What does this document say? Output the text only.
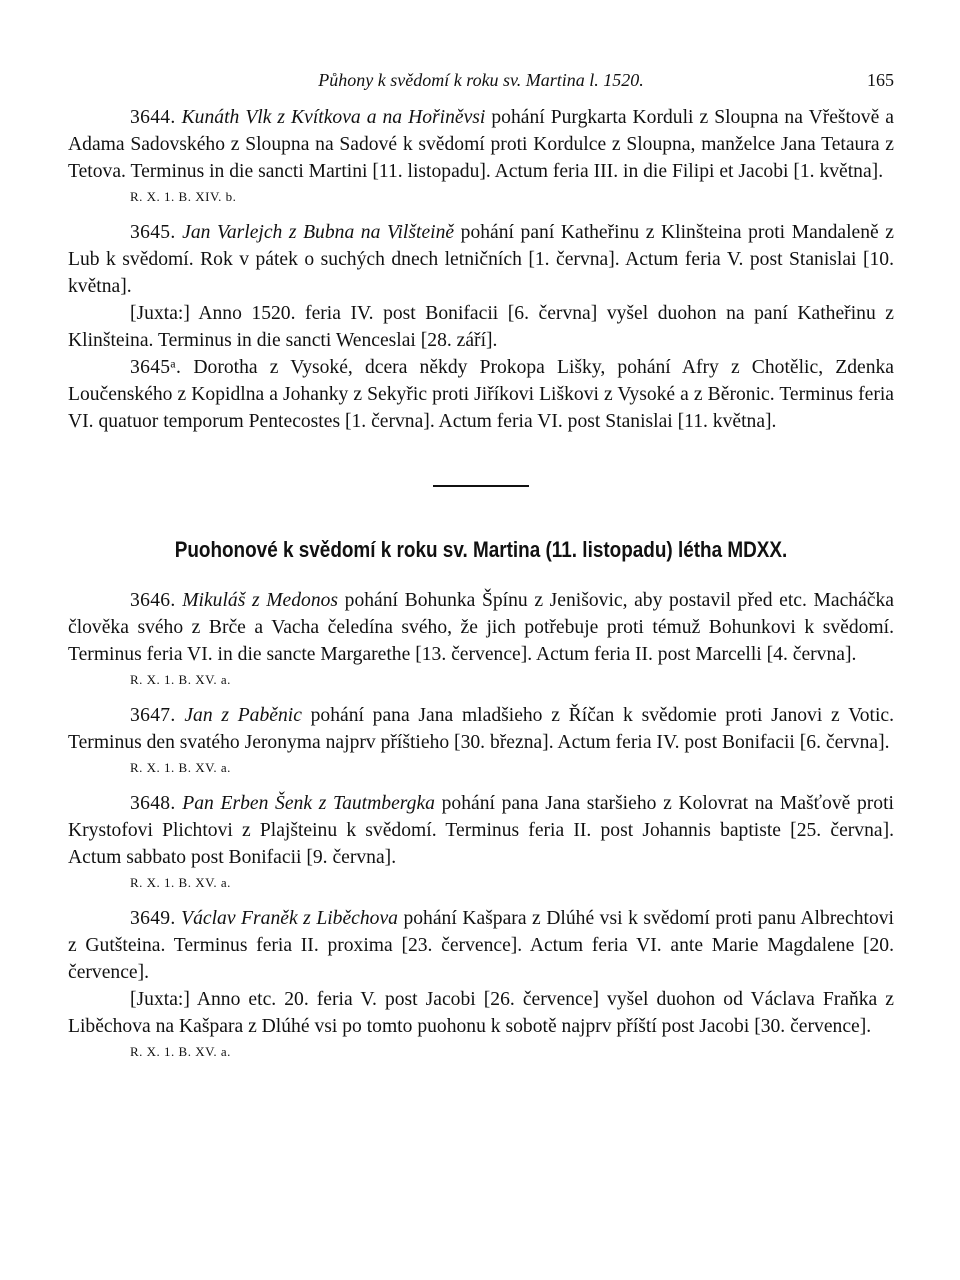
Půhony k svědomí k roku sv. Martina l. 1520.	165

3644. Kunáth Vlk z Kvítkova a na Hořiněvsi pohání Purgkarta Korduli z Sloupna na Vřeštově a Adama Sadovského z Sloupna na Sadové k svědomí proti Kordulce z Sloupna, manželce Jana Tetaura z Tetova. Terminus in die sancti Martini [11. listopadu]. Actum feria III. in die Filipi et Jacobi [1. května].

R. X. 1. B. XIV. b.

3645. Jan Varlejch z Bubna na Vilšteině pohání paní Katheřinu z Klinšteina proti Mandaleně z Lub k svědomí. Rok v pátek o suchých dnech letničních [1. června]. Actum feria V. post Stanislai [10. května].

[Juxta:] Anno 1520. feria IV. post Bonifacii [6. června] vyšel duohon na paní Katheřinu z Klinšteina. Terminus in die sancti Wenceslai [28. září].

3645ᵃ. Dorotha z Vysoké, dcera někdy Prokopa Lišky, pohání Afry z Chotělic, Zdenka Loučenského z Kopidlna a Johanky z Sekyřic proti Jiříkovi Liškovi z Vysoké a z Běronic. Terminus feria VI. quatuor temporum Pentecostes [1. června]. Actum feria VI. post Stanislai [11. května].

Puohonové k svědomí k roku sv. Martina (11. listopadu) létha MDXX.

3646. Mikuláš z Medonos pohání Bohunka Špínu z Jenišovic, aby postavil před etc. Macháčka člověka svého z Brče a Vacha čeledína svého, že jich potřebuje proti témuž Bohunkovi k svědomí. Terminus feria VI. in die sancte Margarethe [13. července]. Actum feria II. post Marcelli [4. června].

R. X. 1. B. XV. a.

3647. Jan z Paběnic pohání pana Jana mladšieho z Říčan k svědomie proti Janovi z Votic. Terminus den svatého Jeronyma najprv příštieho [30. března]. Actum feria IV. post Bonifacii [6. června].

R. X. 1. B. XV. a.

3648. Pan Erben Šenk z Tautmbergka pohání pana Jana staršieho z Kolovrat na Mašťově proti Krystofovi Plichtovi z Plajšteinu k svědomí. Terminus feria II. post Johannis baptiste [25. června]. Actum sabbato post Bonifacii [9. června].

R. X. 1. B. XV. a.

3649. Václav Franěk z Liběchova pohání Kašpara z Dlúhé vsi k svědomí proti panu Albrechtovi z Gutšteina. Terminus feria II. proxima [23. července]. Actum feria VI. ante Marie Magdalene [20. července].

[Juxta:] Anno etc. 20. feria V. post Jacobi [26. července] vyšel duohon od Václava Fraňka z Liběchova na Kašpara z Dlúhé vsi po tomto puohonu k sobotě najprv příští post Jacobi [30. července].

R. X. 1. B. XV. a.
